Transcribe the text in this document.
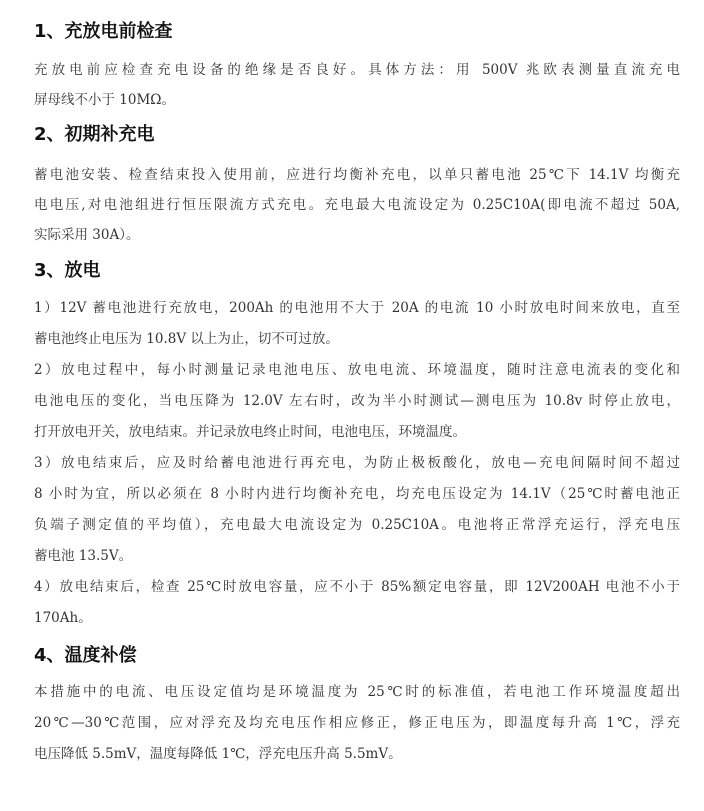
1、充放电前检查
充放电前应检查充电设备的绝缘是否良好。具体方法：用 500V 兆欧表测量直流充电
屏母线不小于 10MΩ。
2、初期补充电
蓄电池安装、检查结束投入使用前，应进行均衡补充电，以单只蓄电池 25℃下 14.1V 均衡充
电电压,对电池组进行恒压限流方式充电。充电最大电流设定为 0.25C10A(即电流不超过 50A,
实际采用 30A）。
3、放电
1）12V 蓄电池进行充放电，200Ah 的电池用不大于 20A 的电流 10 小时放电时间来放电，直至
蓄电池终止电压为 10.8V 以上为止，切不可过放。
2）放电过程中，每小时测量记录电池电压、放电电流、环境温度，随时注意电流表的变化和
电池电压的变化，当电压降为 12.0V 左右时，改为半小时测试—测电压为 10.8v 时停止放电，
打开放电开关，放电结束。并记录放电终止时间，电池电压，环境温度。
3）放电结束后，应及时给蓄电池进行再充电，为防止极板酸化，放电—充电间隔时间不超过
8 小时为宜，所以必须在 8 小时内进行均衡补充电，均充电压设定为 14.1V（25℃时蓄电池正
负端子测定值的平均值），充电最大电流设定为 0.25C10A。电池将正常浮充运行，浮充电压
蓄电池 13.5V。
4）放电结束后，检查 25℃时放电容量，应不小于 85%额定电容量，即 12V200AH 电池不小于
170Ah。
4、温度补偿
本措施中的电流、电压设定值均是环境温度为 25℃时的标准值，若电池工作环境温度超出
20℃—30℃范围，应对浮充及均充电压作相应修正，修正电压为，即温度每升高 1℃，浮充
电压降低 5.5mV，温度每降低 1℃，浮充电压升高 5.5mV。
